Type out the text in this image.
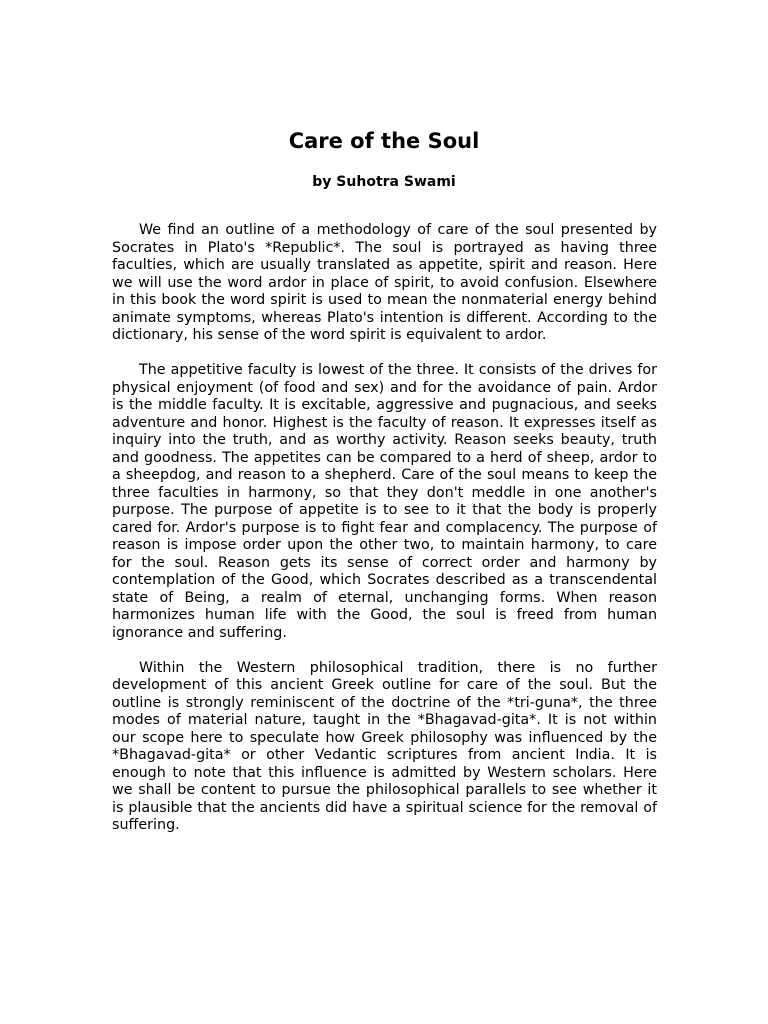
Care of the Soul
by Suhotra Swami

We find an outline of a methodology of care of the soul presented by Socrates in Plato's *Republic*. The soul is portrayed as having three faculties, which are usually translated as appetite, spirit and reason. Here we will use the word ardor in place of spirit, to avoid confusion. Elsewhere in this book the word spirit is used to mean the nonmaterial energy behind animate symptoms, whereas Plato's intention is different. According to the dictionary, his sense of the word spirit is equivalent to ardor.

The appetitive faculty is lowest of the three. It consists of the drives for physical enjoyment (of food and sex) and for the avoidance of pain. Ardor is the middle faculty. It is excitable, aggressive and pugnacious, and seeks adventure and honor. Highest is the faculty of reason. It expresses itself as inquiry into the truth, and as worthy activity. Reason seeks beauty, truth and goodness. The appetites can be compared to a herd of sheep, ardor to a sheepdog, and reason to a shepherd. Care of the soul means to keep the three faculties in harmony, so that they don't meddle in one another's purpose. The purpose of appetite is to see to it that the body is properly cared for. Ardor's purpose is to fight fear and complacency. The purpose of reason is impose order upon the other two, to maintain harmony, to care for the soul. Reason gets its sense of correct order and harmony by contemplation of the Good, which Socrates described as a transcendental state of Being, a realm of eternal, unchanging forms. When reason harmonizes human life with the Good, the soul is freed from human ignorance and suffering.

Within the Western philosophical tradition, there is no further development of this ancient Greek outline for care of the soul. But the outline is strongly reminiscent of the doctrine of the *tri-guna*, the three modes of material nature, taught in the *Bhagavad-gita*. It is not within our scope here to speculate how Greek philosophy was influenced by the *Bhagavad-gita* or other Vedantic scriptures from ancient India. It is enough to note that this influence is admitted by Western scholars. Here we shall be content to pursue the philosophical parallels to see whether it is plausible that the ancients did have a spiritual science for the removal of suffering.
